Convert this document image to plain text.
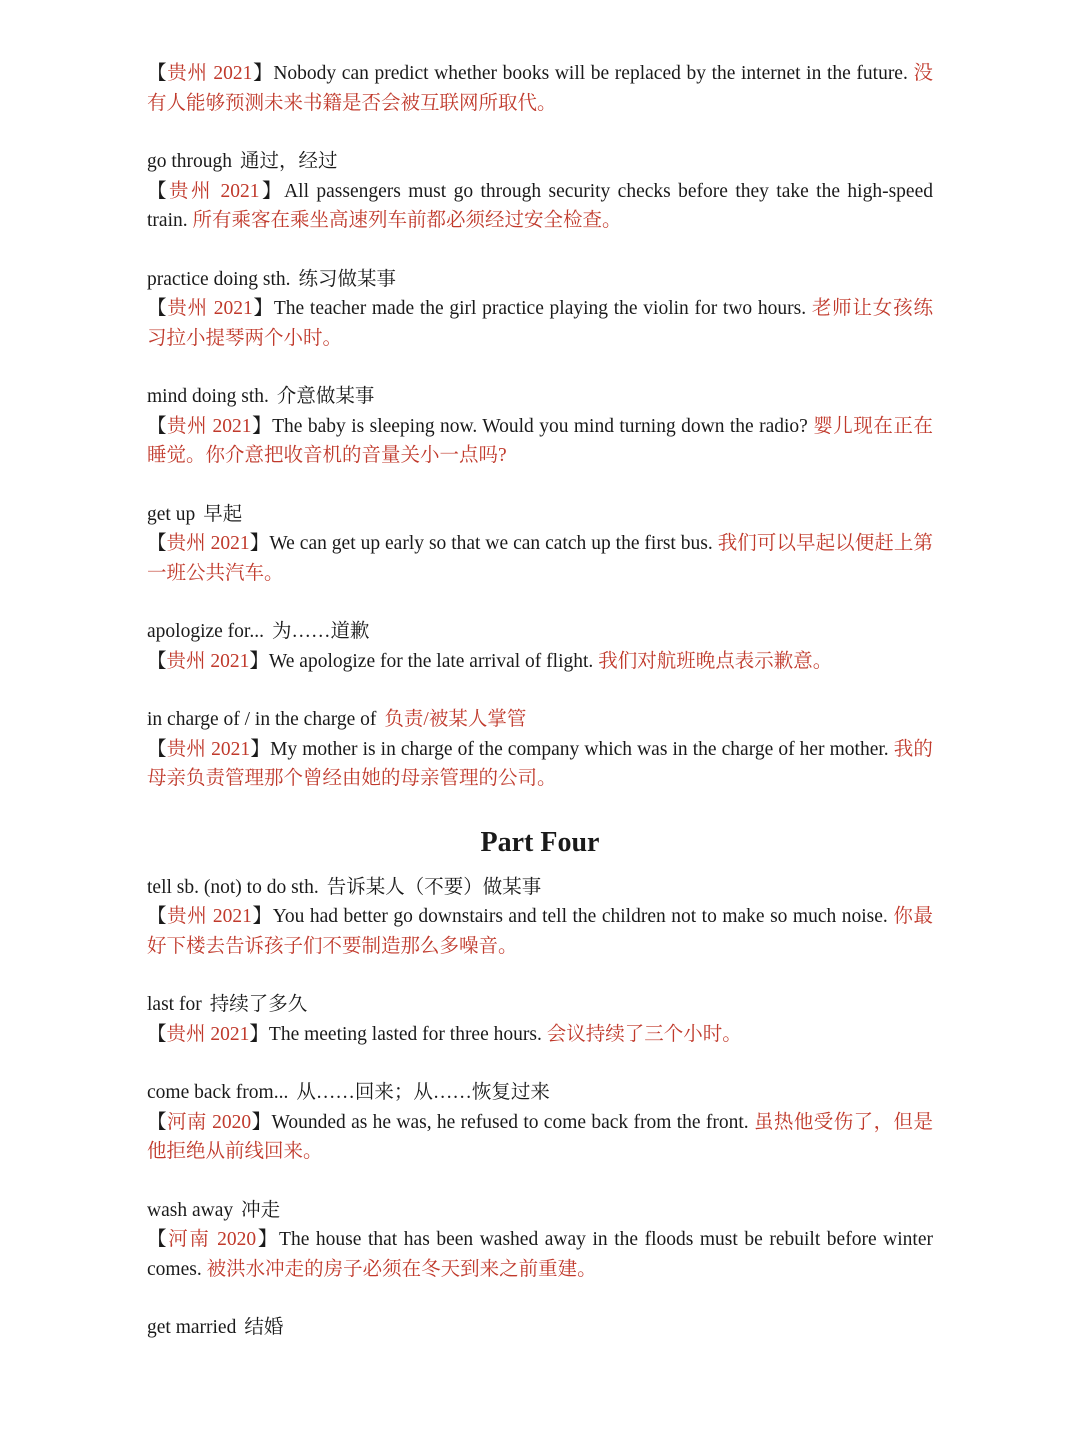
【贵州 2021】Nobody can predict whether books will be replaced by the internet in the future. 没有人能够预测未来书籍是否会被互联网所取代。

go through 通过，经过

【贵州 2021】All passengers must go through security checks before they take the high-speed train. 所有乘客在乘坐高速列车前都必须经过安全检查。

practice doing sth. 练习做某事

【贵州 2021】The teacher made the girl practice playing the violin for two hours. 老师让女孩练习拉小提琴两个小时。

mind doing sth. 介意做某事

【贵州 2021】The baby is sleeping now. Would you mind turning down the radio? 婴儿现在正在睡觉。你介意把收音机的音量关小一点吗?

get up 早起

【贵州 2021】We can get up early so that we can catch up the first bus. 我们可以早起以便赶上第一班公共汽车。

apologize for... 为……道歉

【贵州 2021】We apologize for the late arrival of flight. 我们对航班晚点表示歉意。

in charge of / in the charge of 负责/被某人掌管

【贵州 2021】My mother is in charge of the company which was in the charge of her mother. 我的母亲负责管理那个曾经由她的母亲管理的公司。

Part Four

tell sb. (not) to do sth. 告诉某人（不要）做某事

【贵州 2021】You had better go downstairs and tell the children not to make so much noise. 你最好下楼去告诉孩子们不要制造那么多噪音。

last for 持续了多久

【贵州 2021】The meeting lasted for three hours. 会议持续了三个小时。

come back from... 从……回来；从……恢复过来

【河南 2020】Wounded as he was, he refused to come back from the front. 虽热他受伤了，但是他拒绝从前线回来。

wash away 冲走

【河南 2020】The house that has been washed away in the floods must be rebuilt before winter comes. 被洪水冲走的房子必须在冬天到来之前重建。

get married 结婚
